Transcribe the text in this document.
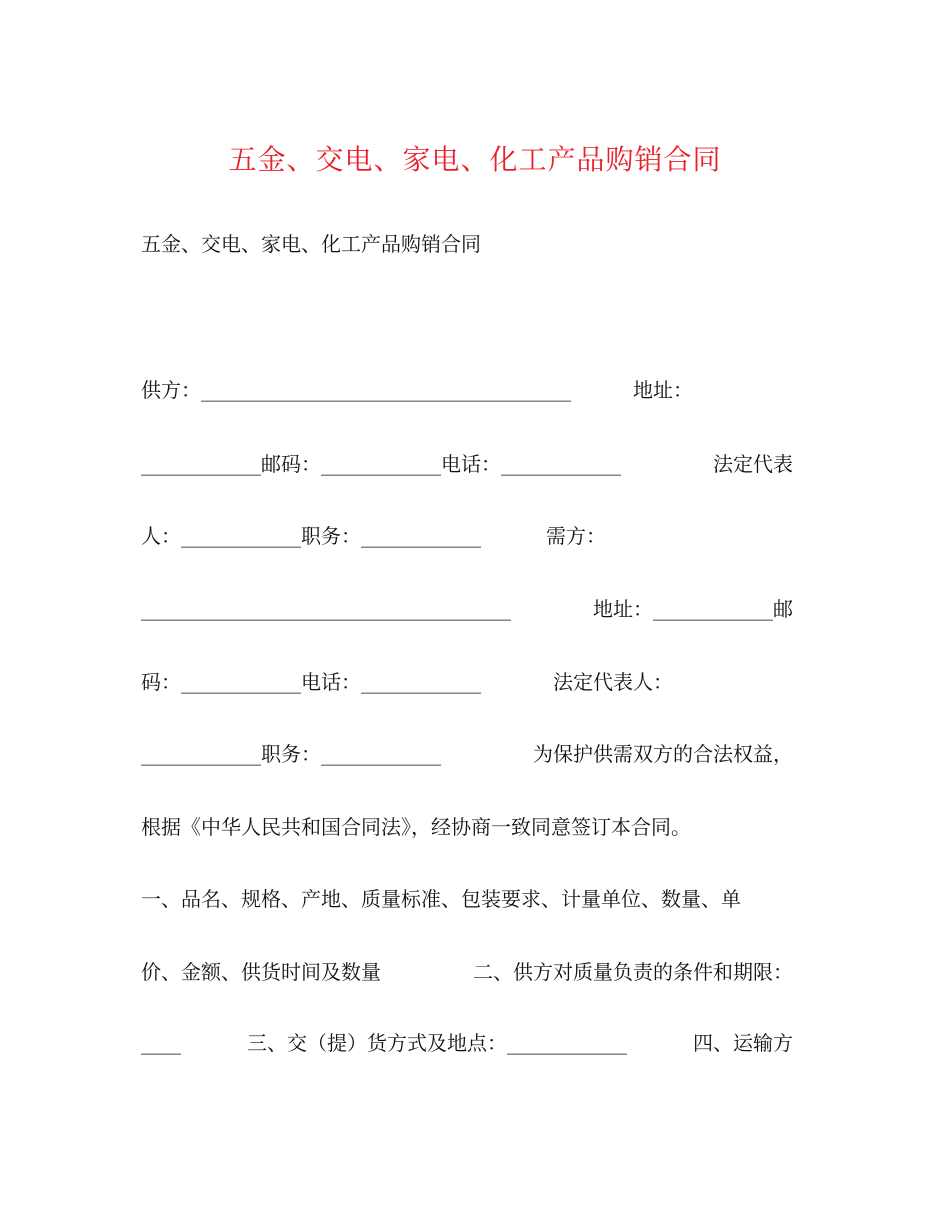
五金、交电、家电、化工产品购销合同
五金、交电、家电、化工产品购销合同
供方：_____________________________________	地址：
____________邮码：____________电话：____________	法定代表
人：____________职务：____________	需方：
_____________________________________	地址：____________邮
码：____________电话：____________	法定代表人：
____________职务：____________	为保护供需双方的合法权益，
根据《中华人民共和国合同法》，经协商一致同意签订本合同。
一、品名、规格、产地、质量标准、包装要求、计量单位、数量、单
价、金额、供货时间及数量	二、供方对质量负责的条件和期限：
____	三、交（提）货方式及地点：____________	四、运输方
